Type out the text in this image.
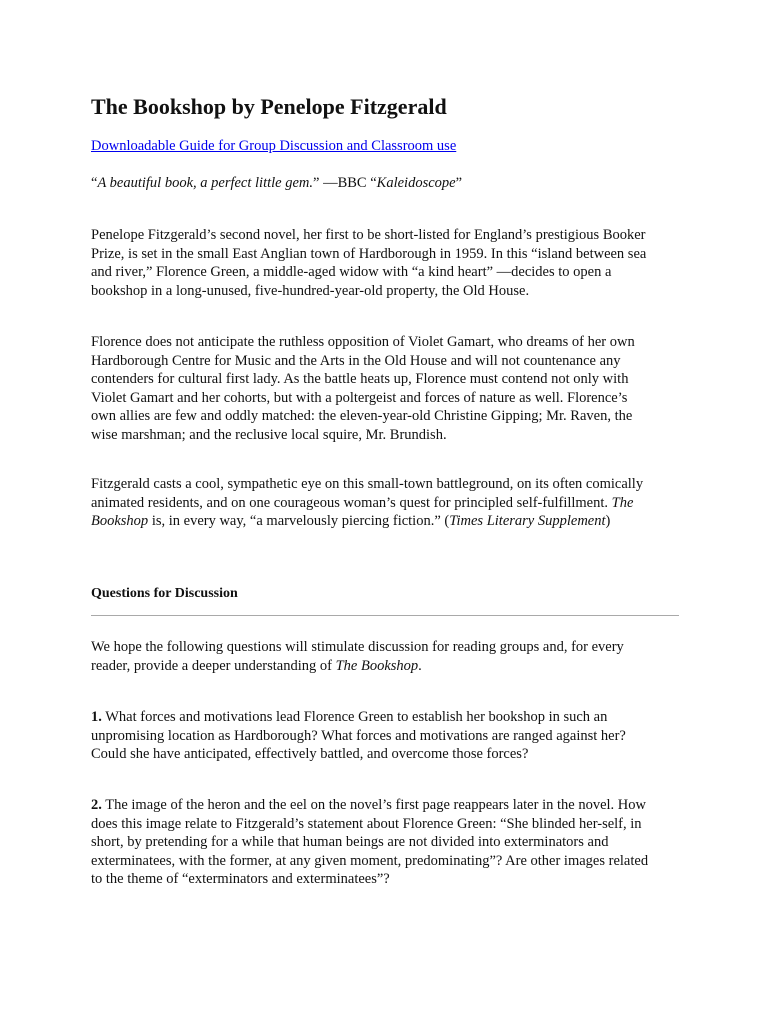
The Bookshop by Penelope Fitzgerald
Downloadable Guide for Group Discussion and Classroom use
“A beautiful book, a perfect little gem.” —BBC “Kaleidoscope”

Penelope Fitzgerald’s second novel, her first to be short-listed for England’s prestigious Booker
Prize, is set in the small East Anglian town of Hardborough in 1959. In this “island between sea
and river,” Florence Green, a middle-aged widow with “a kind heart” —decides to open a
bookshop in a long-unused, five-hundred-year-old property, the Old House.

Florence does not anticipate the ruthless opposition of Violet Gamart, who dreams of her own
Hardborough Centre for Music and the Arts in the Old House and will not countenance any
contenders for cultural first lady. As the battle heats up, Florence must contend not only with
Violet Gamart and her cohorts, but with a poltergeist and forces of nature as well. Florence’s
own allies are few and oddly matched: the eleven-year-old Christine Gipping; Mr. Raven, the
wise marshman; and the reclusive local squire, Mr. Brundish.

Fitzgerald casts a cool, sympathetic eye on this small-town battleground, on its often comically
animated residents, and on one courageous woman’s quest for principled self-fulfillment. The
Bookshop is, in every way, “a marvelously piercing fiction.” (Times Literary Supplement)

Questions for Discussion

We hope the following questions will stimulate discussion for reading groups and, for every
reader, provide a deeper understanding of The Bookshop.

1. What forces and motivations lead Florence Green to establish her bookshop in such an
unpromising location as Hardborough? What forces and motivations are ranged against her?
Could she have anticipated, effectively battled, and overcome those forces?

2. The image of the heron and the eel on the novel’s first page reappears later in the novel. How
does this image relate to Fitzgerald’s statement about Florence Green: “She blinded her-self, in
short, by pretending for a while that human beings are not divided into exterminators and
exterminatees, with the former, at any given moment, predominating”? Are other images related
to the theme of “exterminators and exterminatees”?
